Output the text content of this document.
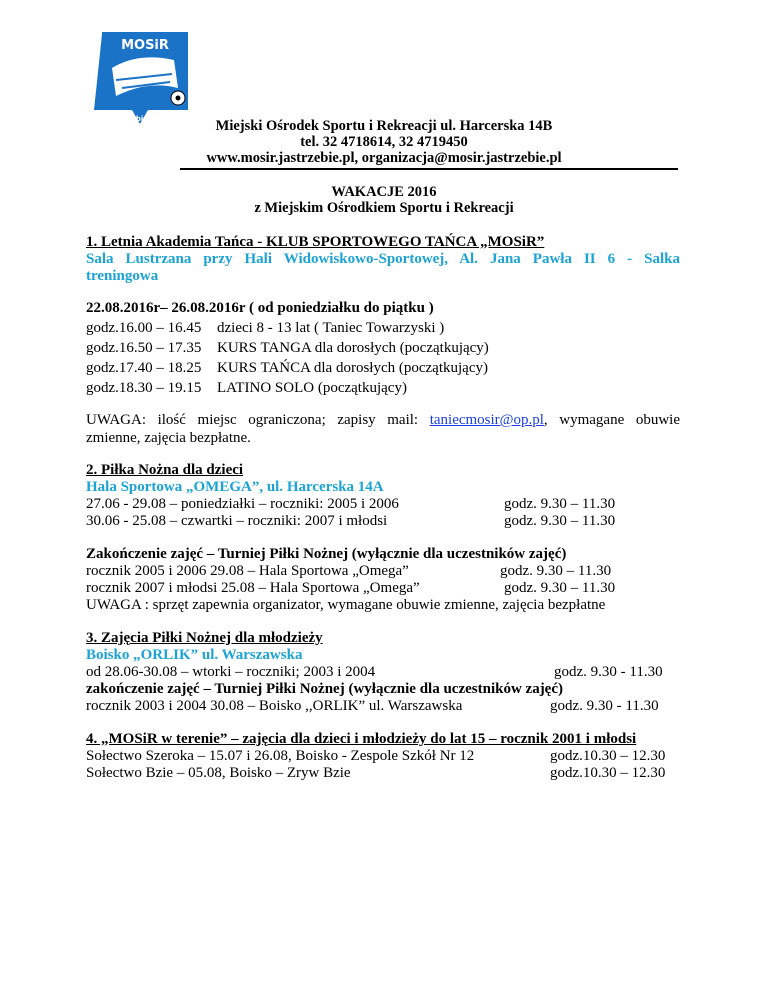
MOSiR
Jastrzębie Zdrój	Miejski Ośrodek Sportu i Rekreacji ul. Harcerska 14B
tel. 32 4718614, 32 4719450
www.mosir.jastrzebie.pl, organizacja@mosir.jastrzebie.pl
WAKACJE 2016
z Miejskim Ośrodkiem Sportu i Rekreacji
1. Letnia Akademia Tańca - KLUB SPORTOWEGO TAŃCA „MOSiR”
Sala Lustrzana przy Hali Widowiskowo-Sportowej, Al. Jana Pawła II 6 - Salka
treningowa
22.08.2016r– 26.08.2016r ( od poniedziałku do piątku )
godz.16.00 – 16.45 dzieci 8 - 13 lat ( Taniec Towarzyski )
godz.16.50 – 17.35 KURS TANGA dla dorosłych (początkujący)
godz.17.40 – 18.25 KURS TAŃCA dla dorosłych (początkujący)
godz.18.30 – 19.15 LATINO SOLO (początkujący)
UWAGA: ilość miejsc ograniczona; zapisy mail: taniecmosir@op.pl, wymagane obuwie
zmienne, zajęcia bezpłatne.
2. Piłka Nożna dla dzieci
Hala Sportowa „OMEGA”, ul. Harcerska 14A
27.06 - 29.08 – poniedziałki – roczniki: 2005 i 2006	godz. 9.30 – 11.30
30.06 - 25.08 – czwartki – roczniki: 2007 i młodsi	godz. 9.30 – 11.30
Zakończenie zajęć – Turniej Piłki Nożnej (wyłącznie dla uczestników zajęć)
rocznik 2005 i 2006 29.08 – Hala Sportowa „Omega”	godz. 9.30 – 11.30
rocznik 2007 i młodsi 25.08 – Hala Sportowa „Omega”	godz. 9.30 – 11.30
UWAGA : sprzęt zapewnia organizator, wymagane obuwie zmienne, zajęcia bezpłatne
3. Zajęcia Piłki Nożnej dla młodzieży
Boisko „ORLIK” ul. Warszawska
od 28.06-30.08 – wtorki – roczniki; 2003 i 2004	godz. 9.30 - 11.30
zakończenie zajęć – Turniej Piłki Nożnej (wyłącznie dla uczestników zajęć)
rocznik 2003 i 2004 30.08 – Boisko ,,ORLIK” ul. Warszawska	godz. 9.30 - 11.30
4. „MOSiR w terenie” – zajęcia dla dzieci i młodzieży do lat 15 – rocznik 2001 i młodsi
Sołectwo Szeroka – 15.07 i 26.08, Boisko - Zespole Szkół Nr 12	godz.10.30 – 12.30
Sołectwo Bzie – 05.08, Boisko – Zryw Bzie	godz.10.30 – 12.30
